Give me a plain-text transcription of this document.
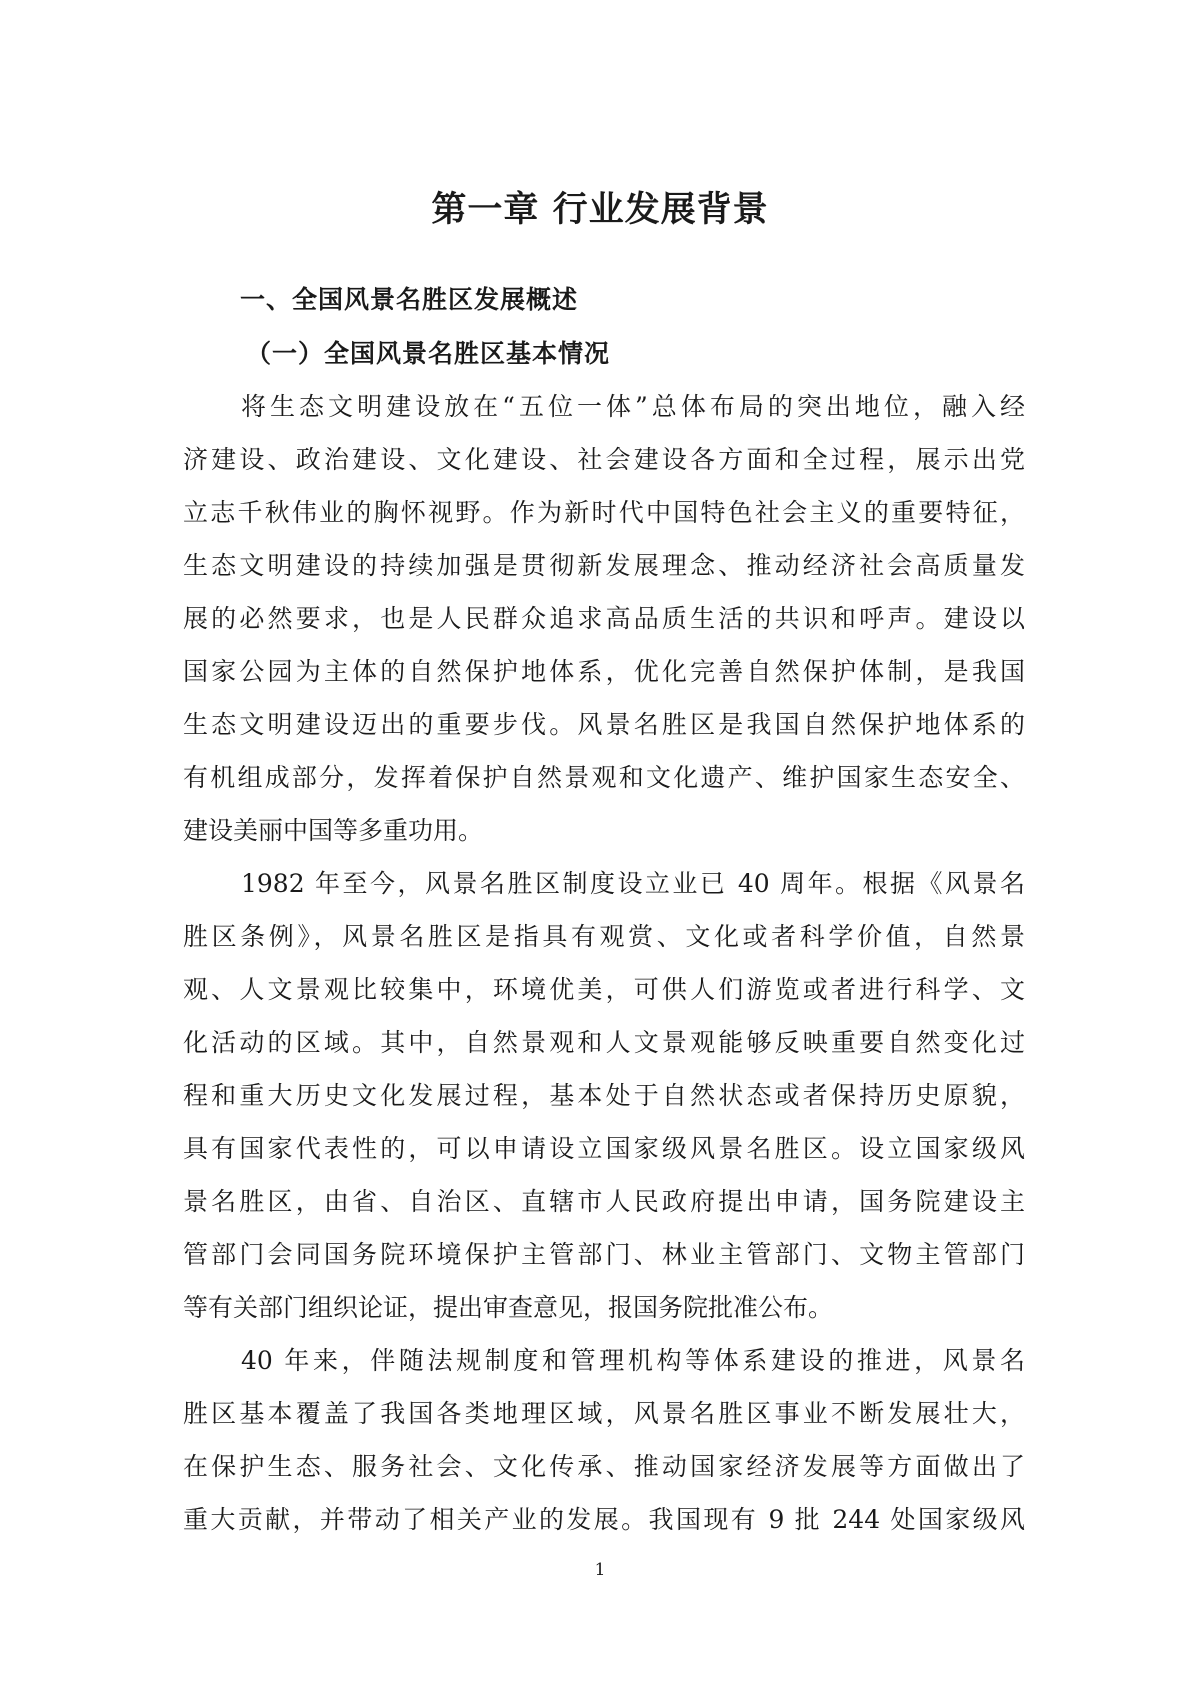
第一章 行业发展背景
一、全国风景名胜区发展概述
（一）全国风景名胜区基本情况
将生态文明建设放在“五位一体”总体布局的突出地位，融入经
济建设、政治建设、文化建设、社会建设各方面和全过程，展示出党
立志千秋伟业的胸怀视野。作为新时代中国特色社会主义的重要特征，
生态文明建设的持续加强是贯彻新发展理念、推动经济社会高质量发
展的必然要求，也是人民群众追求高品质生活的共识和呼声。建设以
国家公园为主体的自然保护地体系，优化完善自然保护体制，是我国
生态文明建设迈出的重要步伐。风景名胜区是我国自然保护地体系的
有机组成部分，发挥着保护自然景观和文化遗产、维护国家生态安全、
建设美丽中国等多重功用。
1982 年至今，风景名胜区制度设立业已 40 周年。根据《风景名
胜区条例》，风景名胜区是指具有观赏、文化或者科学价值，自然景
观、人文景观比较集中，环境优美，可供人们游览或者进行科学、文
化活动的区域。其中，自然景观和人文景观能够反映重要自然变化过
程和重大历史文化发展过程，基本处于自然状态或者保持历史原貌，
具有国家代表性的，可以申请设立国家级风景名胜区。设立国家级风
景名胜区，由省、自治区、直辖市人民政府提出申请，国务院建设主
管部门会同国务院环境保护主管部门、林业主管部门、文物主管部门
等有关部门组织论证，提出审查意见，报国务院批准公布。
40 年来，伴随法规制度和管理机构等体系建设的推进，风景名
胜区基本覆盖了我国各类地理区域，风景名胜区事业不断发展壮大，
在保护生态、服务社会、文化传承、推动国家经济发展等方面做出了
重大贡献，并带动了相关产业的发展。我国现有 9 批 244 处国家级风
1
